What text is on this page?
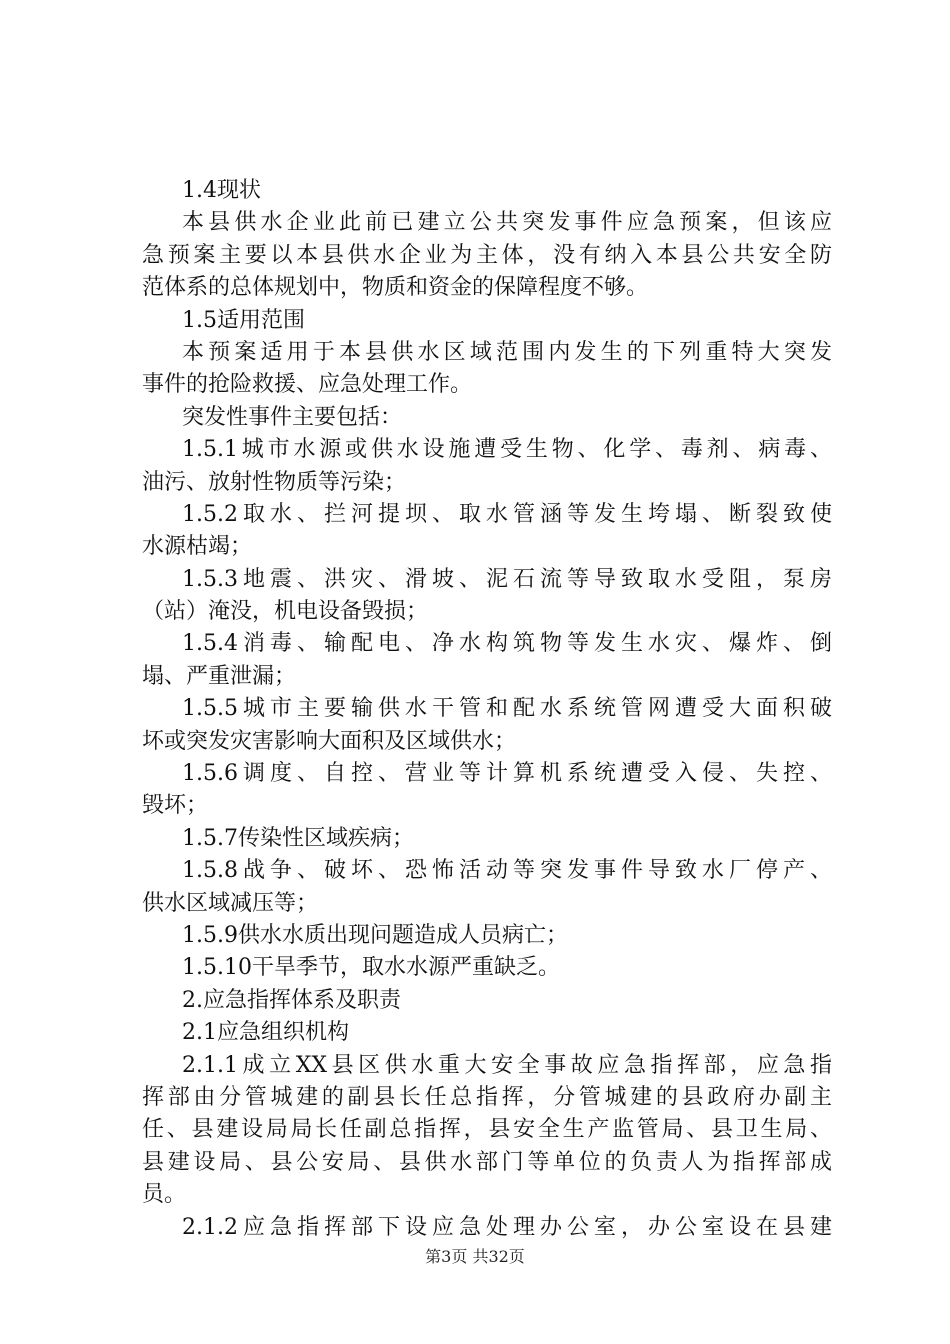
1.4现状
本县供水企业此前已建立公共突发事件应急预案，但该应
急预案主要以本县供水企业为主体，没有纳入本县公共安全防
范体系的总体规划中，物质和资金的保障程度不够。
1.5适用范围
本预案适用于本县供水区域范围内发生的下列重特大突发
事件的抢险救援、应急处理工作。
突发性事件主要包括：
1.5.1城市水源或供水设施遭受生物、化学、毒剂、病毒、
油污、放射性物质等污染；
1.5.2取水、拦河提坝、取水管涵等发生垮塌、断裂致使
水源枯竭；
1.5.3地震、洪灾、滑坡、泥石流等导致取水受阻，泵房
（站）淹没，机电设备毁损；
1.5.4消毒、输配电、净水构筑物等发生水灾、爆炸、倒
塌、严重泄漏；
1.5.5城市主要输供水干管和配水系统管网遭受大面积破
坏或突发灾害影响大面积及区域供水；
1.5.6调度、自控、营业等计算机系统遭受入侵、失控、
毁坏；
1.5.7传染性区域疾病；
1.5.8战争、破坏、恐怖活动等突发事件导致水厂停产、
供水区域减压等；
1.5.9供水水质出现问题造成人员病亡；
1.5.10干旱季节，取水水源严重缺乏。
2.应急指挥体系及职责
2.1应急组织机构
2.1.1成立XX县区供水重大安全事故应急指挥部，应急指
挥部由分管城建的副县长任总指挥，分管城建的县政府办副主
任、县建设局局长任副总指挥，县安全生产监管局、县卫生局、
县建设局、县公安局、县供水部门等单位的负责人为指挥部成
员。
2.1.2应急指挥部下设应急处理办公室，办公室设在县建
第3页 共32页
